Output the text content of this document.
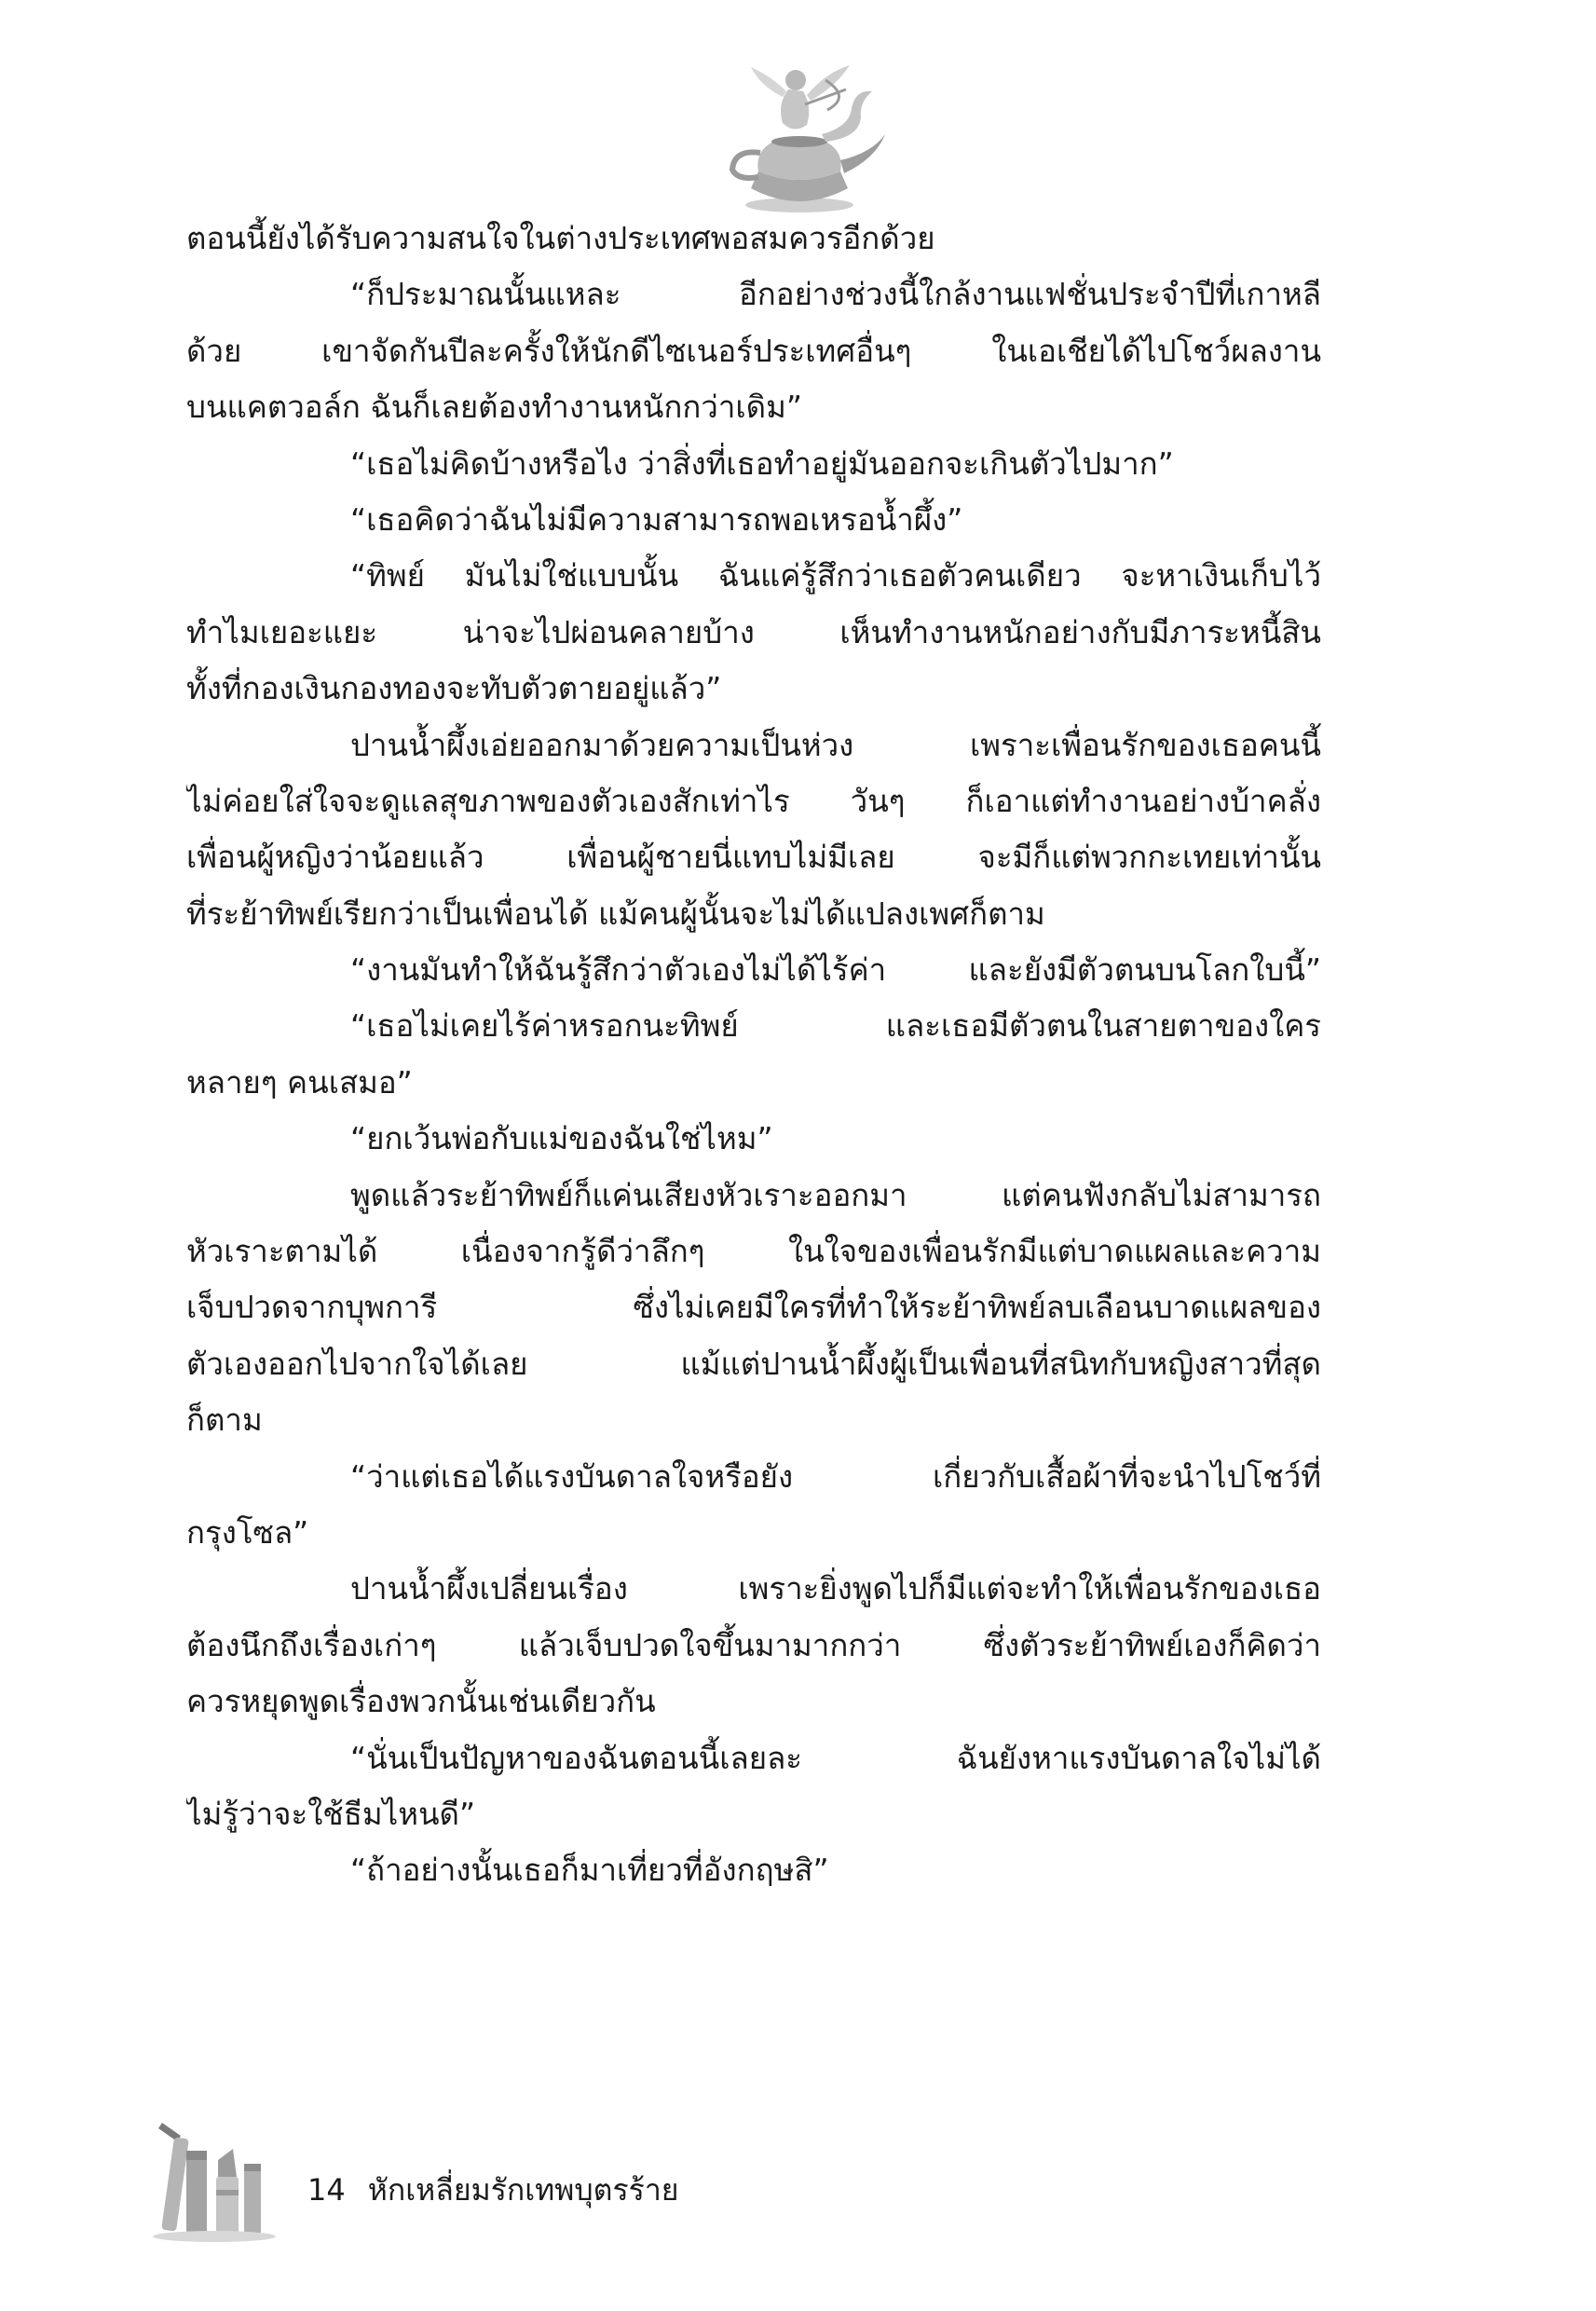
ตอนนี้ยังได้รับความสนใจในต่างประเทศพอสมควรอีกด้วย
“ก็ประมาณนั้นแหละ อีกอย่างช่วงนี้ใกล้งานแฟชั่นประจำปีที่เกาหลี
ด้วย เขาจัดกันปีละครั้งให้นักดีไซเนอร์ประเทศอื่นๆ ในเอเชียได้ไปโชว์ผลงาน
บนแคตวอล์ก ฉันก็เลยต้องทำงานหนักกว่าเดิม”
“เธอไม่คิดบ้างหรือไง ว่าสิ่งที่เธอทำอยู่มันออกจะเกินตัวไปมาก”
“เธอคิดว่าฉันไม่มีความสามารถพอเหรอน้ำผึ้ง”
“ทิพย์ มันไม่ใช่แบบนั้น ฉันแค่รู้สึกว่าเธอตัวคนเดียว จะหาเงินเก็บไว้
ทำไมเยอะแยะ น่าจะไปผ่อนคลายบ้าง เห็นทำงานหนักอย่างกับมีภาระหนี้สิน
ทั้งที่กองเงินกองทองจะทับตัวตายอยู่แล้ว”
ปานน้ำผึ้งเอ่ยออกมาด้วยความเป็นห่วง เพราะเพื่อนรักของเธอคนนี้
ไม่ค่อยใส่ใจจะดูแลสุขภาพของตัวเองสักเท่าไร วันๆ ก็เอาแต่ทำงานอย่างบ้าคลั่ง
เพื่อนผู้หญิงว่าน้อยแล้ว เพื่อนผู้ชายนี่แทบไม่มีเลย จะมีก็แต่พวกกะเทยเท่านั้น
ที่ระย้าทิพย์เรียกว่าเป็นเพื่อนได้ แม้คนผู้นั้นจะไม่ได้แปลงเพศก็ตาม
“งานมันทำให้ฉันรู้สึกว่าตัวเองไม่ได้ไร้ค่า และยังมีตัวตนบนโลกใบนี้”
“เธอไม่เคยไร้ค่าหรอกนะทิพย์ และเธอมีตัวตนในสายตาของใคร
หลายๆ คนเสมอ”
“ยกเว้นพ่อกับแม่ของฉันใช่ไหม”
พูดแล้วระย้าทิพย์ก็แค่นเสียงหัวเราะออกมา แต่คนฟังกลับไม่สามารถ
หัวเราะตามได้ เนื่องจากรู้ดีว่าลึกๆ ในใจของเพื่อนรักมีแต่บาดแผลและความ
เจ็บปวดจากบุพการี ซึ่งไม่เคยมีใครที่ทำให้ระย้าทิพย์ลบเลือนบาดแผลของ
ตัวเองออกไปจากใจได้เลย แม้แต่ปานน้ำผึ้งผู้เป็นเพื่อนที่สนิทกับหญิงสาวที่สุด
ก็ตาม
“ว่าแต่เธอได้แรงบันดาลใจหรือยัง เกี่ยวกับเสื้อผ้าที่จะนำไปโชว์ที่
กรุงโซล”
ปานน้ำผึ้งเปลี่ยนเรื่อง เพราะยิ่งพูดไปก็มีแต่จะทำให้เพื่อนรักของเธอ
ต้องนึกถึงเรื่องเก่าๆ แล้วเจ็บปวดใจขึ้นมามากกว่า ซึ่งตัวระย้าทิพย์เองก็คิดว่า
ควรหยุดพูดเรื่องพวกนั้นเช่นเดียวกัน
“นั่นเป็นปัญหาของฉันตอนนี้เลยละ ฉันยังหาแรงบันดาลใจไม่ได้
ไม่รู้ว่าจะใช้ธีมไหนดี”
“ถ้าอย่างนั้นเธอก็มาเที่ยวที่อังกฤษสิ”
14 หักเหลี่ยมรักเทพบุตรร้าย
